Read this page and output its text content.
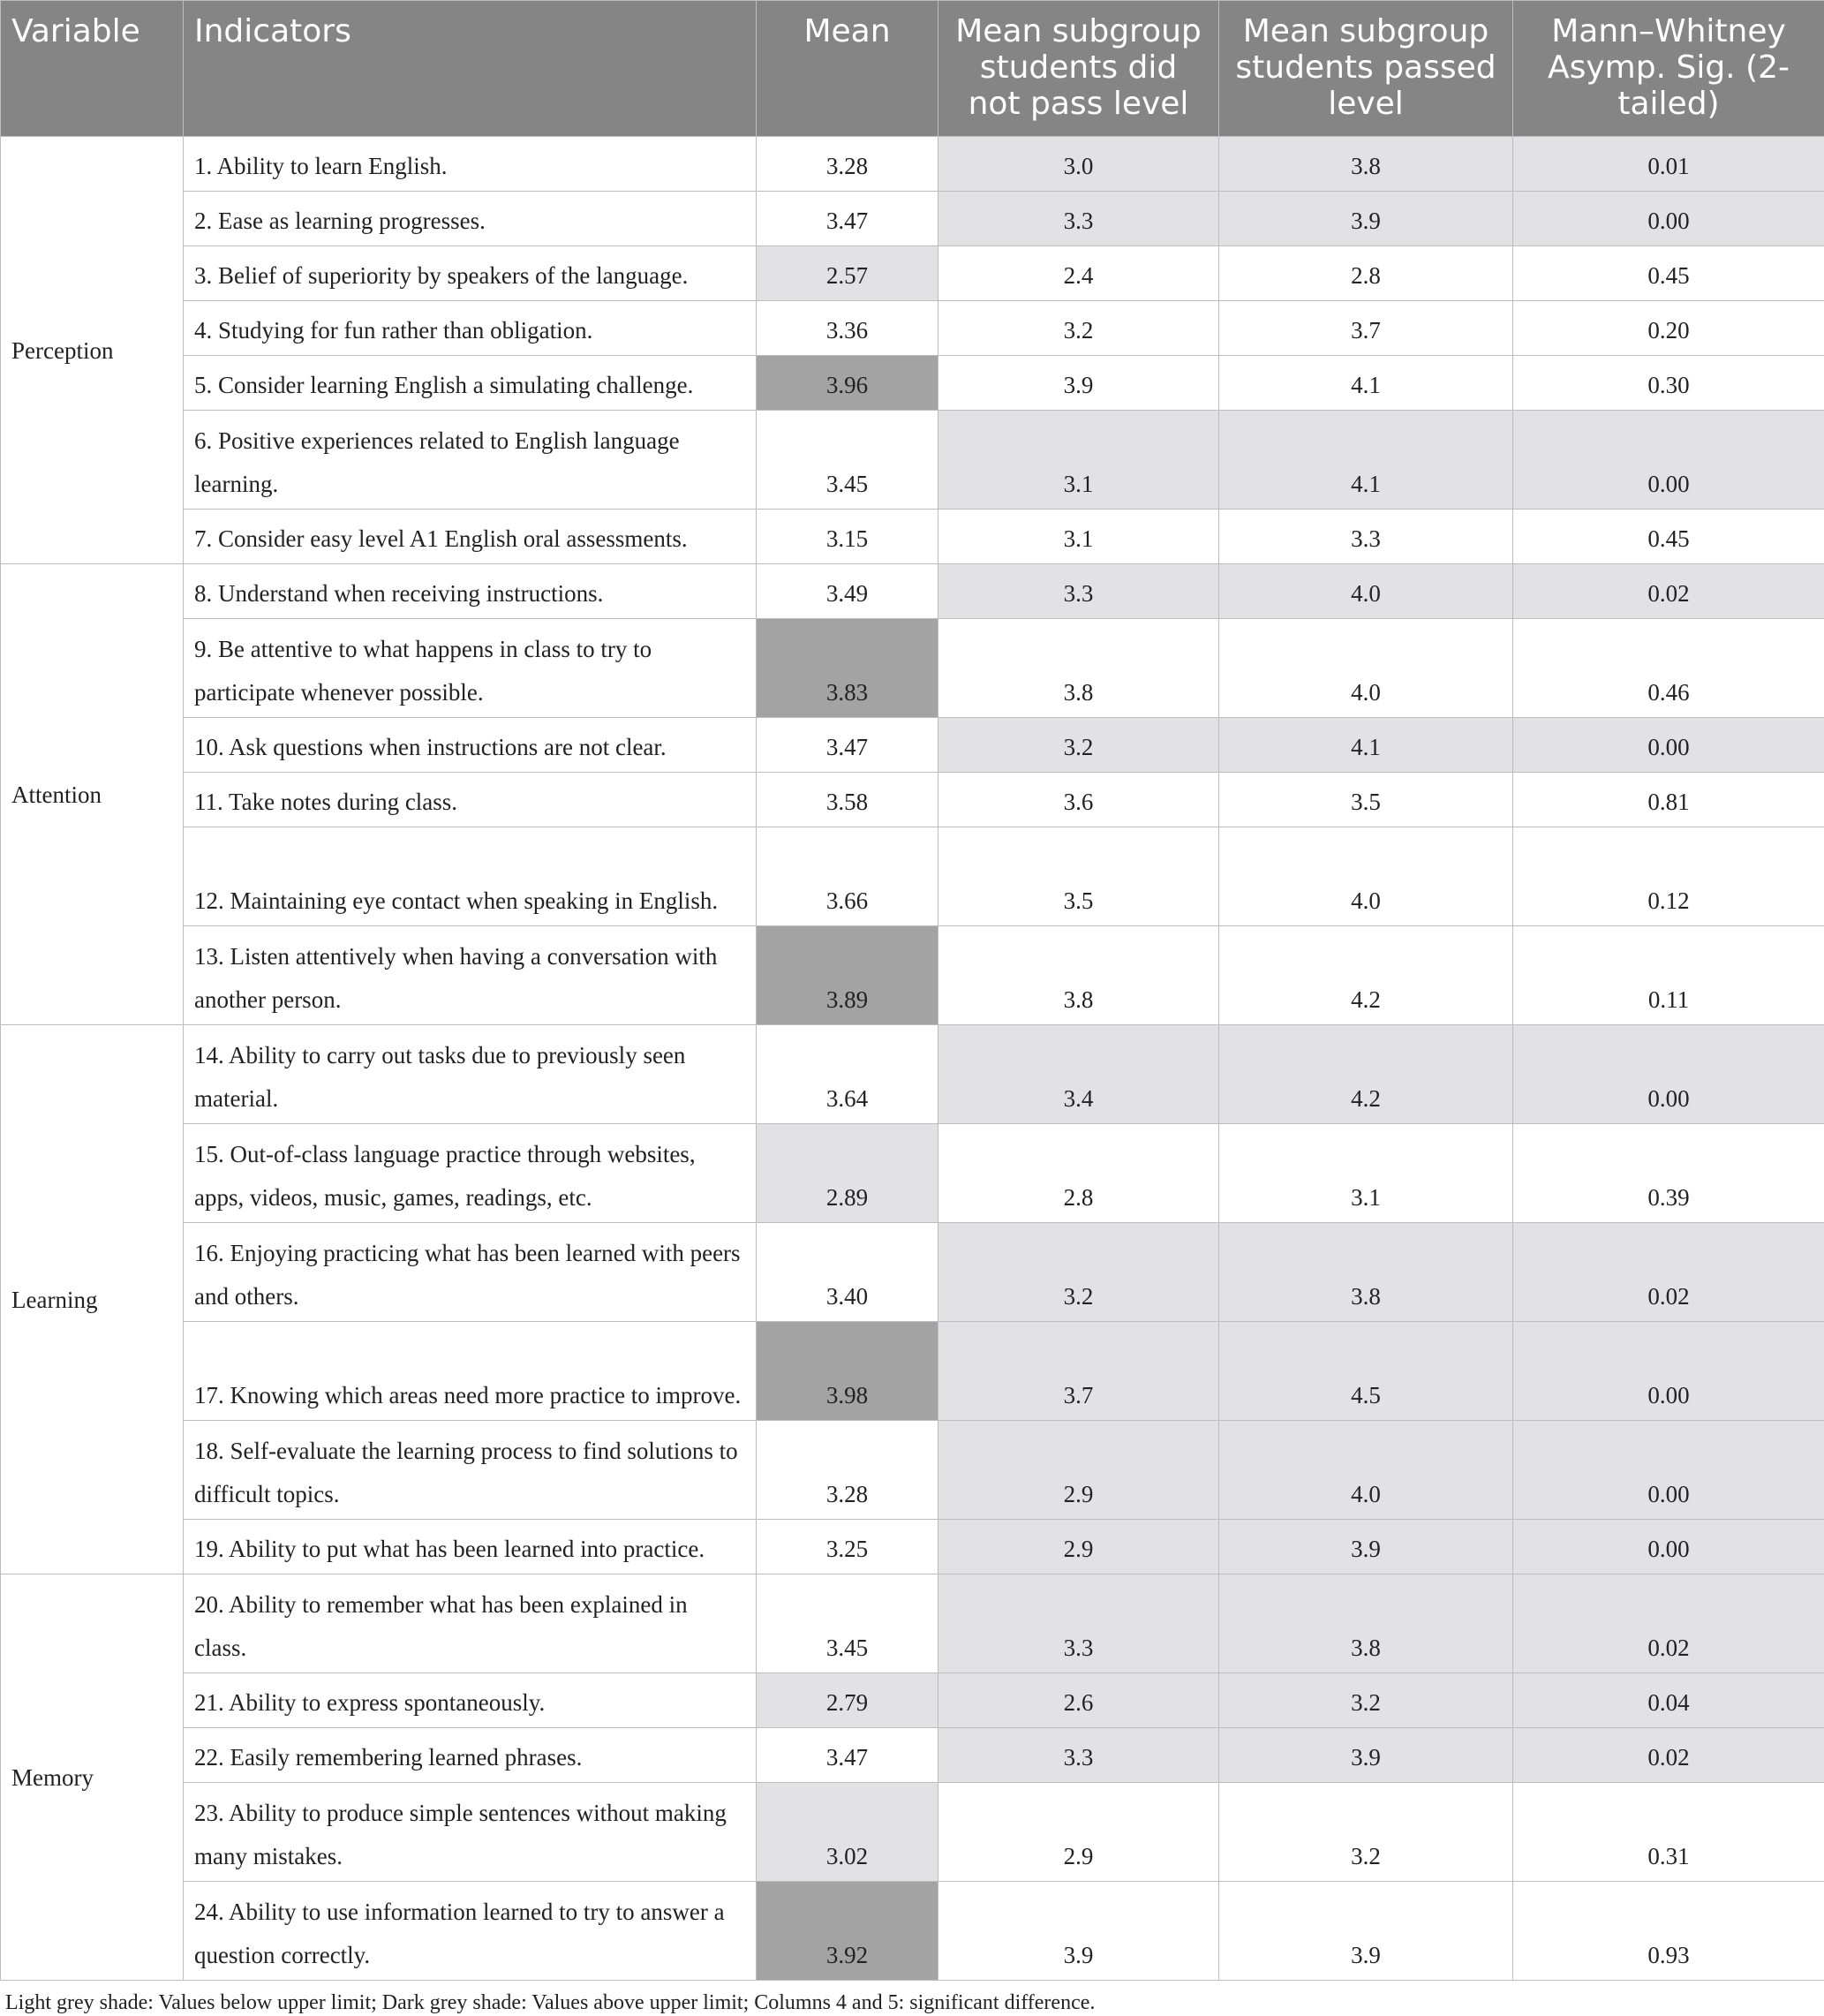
Variable	Indicators	Mean	Mean subgroup students did not pass level	Mean subgroup students passed level	Mann–Whitney Asymp. Sig. (2-tailed)
Perception	1. Ability to learn English.	3.28	3.0	3.8	0.01
	2. Ease as learning progresses.	3.47	3.3	3.9	0.00
	3. Belief of superiority by speakers of the language.	2.57	2.4	2.8	0.45
	4. Studying for fun rather than obligation.	3.36	3.2	3.7	0.20
	5. Consider learning English a simulating challenge.	3.96	3.9	4.1	0.30
	6. Positive experiences related to English language learning.	3.45	3.1	4.1	0.00
	7. Consider easy level A1 English oral assessments.	3.15	3.1	3.3	0.45
Attention	8. Understand when receiving instructions.	3.49	3.3	4.0	0.02
	9. Be attentive to what happens in class to try to participate whenever possible.	3.83	3.8	4.0	0.46
	10. Ask questions when instructions are not clear.	3.47	3.2	4.1	0.00
	11. Take notes during class.	3.58	3.6	3.5	0.81
	12. Maintaining eye contact when speaking in English.	3.66	3.5	4.0	0.12
	13. Listen attentively when having a conversation with another person.	3.89	3.8	4.2	0.11
Learning	14. Ability to carry out tasks due to previously seen material.	3.64	3.4	4.2	0.00
	15. Out-of-class language practice through websites, apps, videos, music, games, readings, etc.	2.89	2.8	3.1	0.39
	16. Enjoying practicing what has been learned with peers and others.	3.40	3.2	3.8	0.02
	17. Knowing which areas need more practice to improve.	3.98	3.7	4.5	0.00
	18. Self-evaluate the learning process to find solutions to difficult topics.	3.28	2.9	4.0	0.00
	19. Ability to put what has been learned into practice.	3.25	2.9	3.9	0.00
Memory	20. Ability to remember what has been explained in class.	3.45	3.3	3.8	0.02
	21. Ability to express spontaneously.	2.79	2.6	3.2	0.04
	22. Easily remembering learned phrases.	3.47	3.3	3.9	0.02
	23. Ability to produce simple sentences without making many mistakes.	3.02	2.9	3.2	0.31
	24. Ability to use information learned to try to answer a question correctly.	3.92	3.9	3.9	0.93
Light grey shade: Values below upper limit; Dark grey shade: Values above upper limit; Columns 4 and 5: significant difference.
